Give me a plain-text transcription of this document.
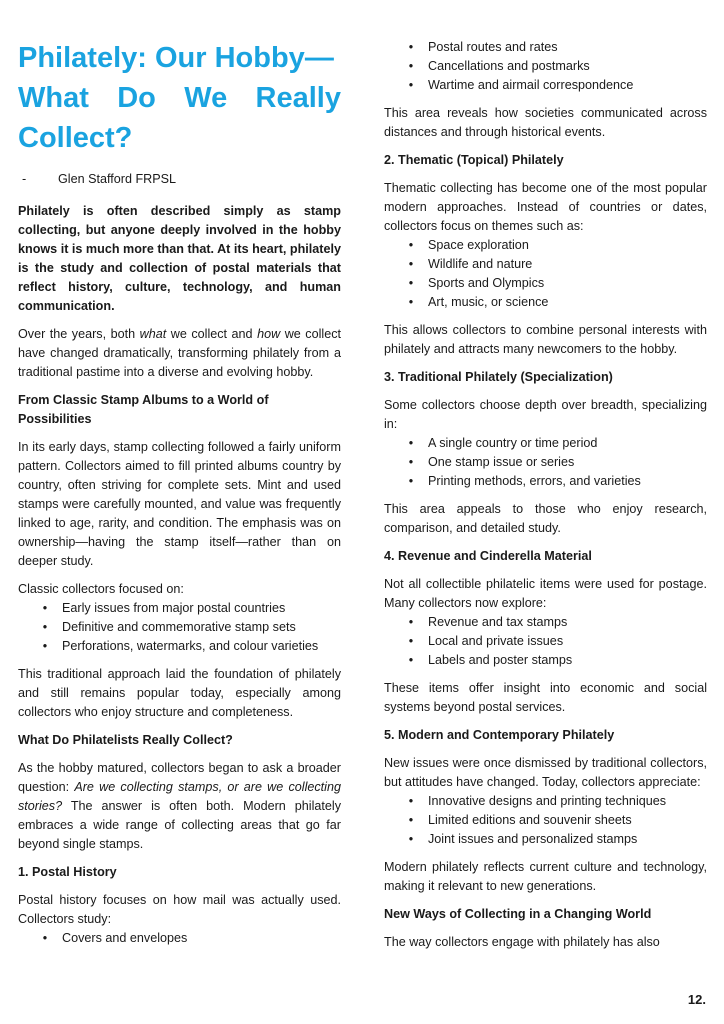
Philately: Our Hobby—
What Do We Really
Collect?
-	Glen Stafford FRPSL

Philately is often described simply as stamp collecting, but anyone deeply involved in the hobby knows it is much more than that. At its heart, philately is the study and collection of postal materials that reflect history, culture, technology, and human communication.

Over the years, both what we collect and how we collect have changed dramatically, transforming philately from a traditional pastime into a diverse and evolving hobby.

From Classic Stamp Albums to a World of Possibilities

In its early days, stamp collecting followed a fairly uniform pattern. Collectors aimed to fill printed albums country by country, often striving for complete sets. Mint and used stamps were carefully mounted, and value was frequently linked to age, rarity, and condition. The emphasis was on ownership—having the stamp itself—rather than on deeper study.

Classic collectors focused on:

• Early issues from major postal countries
• Definitive and commemorative stamp sets
• Perforations, watermarks, and colour varieties

This traditional approach laid the foundation of philately and still remains popular today, especially among collectors who enjoy structure and completeness.

What Do Philatelists Really Collect?

As the hobby matured, collectors began to ask a broader question: Are we collecting stamps, or are we collecting stories? The answer is often both. Modern philately embraces a wide range of collecting areas that go far beyond single stamps.

1. Postal History

Postal history focuses on how mail was actually used. Collectors study:

• Covers and envelopes
• Postal routes and rates
• Cancellations and postmarks
• Wartime and airmail correspondence

This area reveals how societies communicated across distances and through historical events.

2. Thematic (Topical) Philately

Thematic collecting has become one of the most popular modern approaches. Instead of countries or dates, collectors focus on themes such as:

• Space exploration
• Wildlife and nature
• Sports and Olympics
• Art, music, or science

This allows collectors to combine personal interests with philately and attracts many newcomers to the hobby.

3. Traditional Philately (Specialization)

Some collectors choose depth over breadth, specializing in:

• A single country or time period
• One stamp issue or series
• Printing methods, errors, and varieties

This area appeals to those who enjoy research, comparison, and detailed study.

4. Revenue and Cinderella Material

Not all collectible philatelic items were used for postage. Many collectors now explore:

• Revenue and tax stamps
• Local and private issues
• Labels and poster stamps

These items offer insight into economic and social systems beyond postal services.

5. Modern and Contemporary Philately

New issues were once dismissed by traditional collectors, but attitudes have changed. Today, collectors appreciate:

• Innovative designs and printing techniques
• Limited editions and souvenir sheets
• Joint issues and personalized stamps

Modern philately reflects current culture and technology, making it relevant to new generations.

New Ways of Collecting in a Changing World

The way collectors engage with philately has also

12.
